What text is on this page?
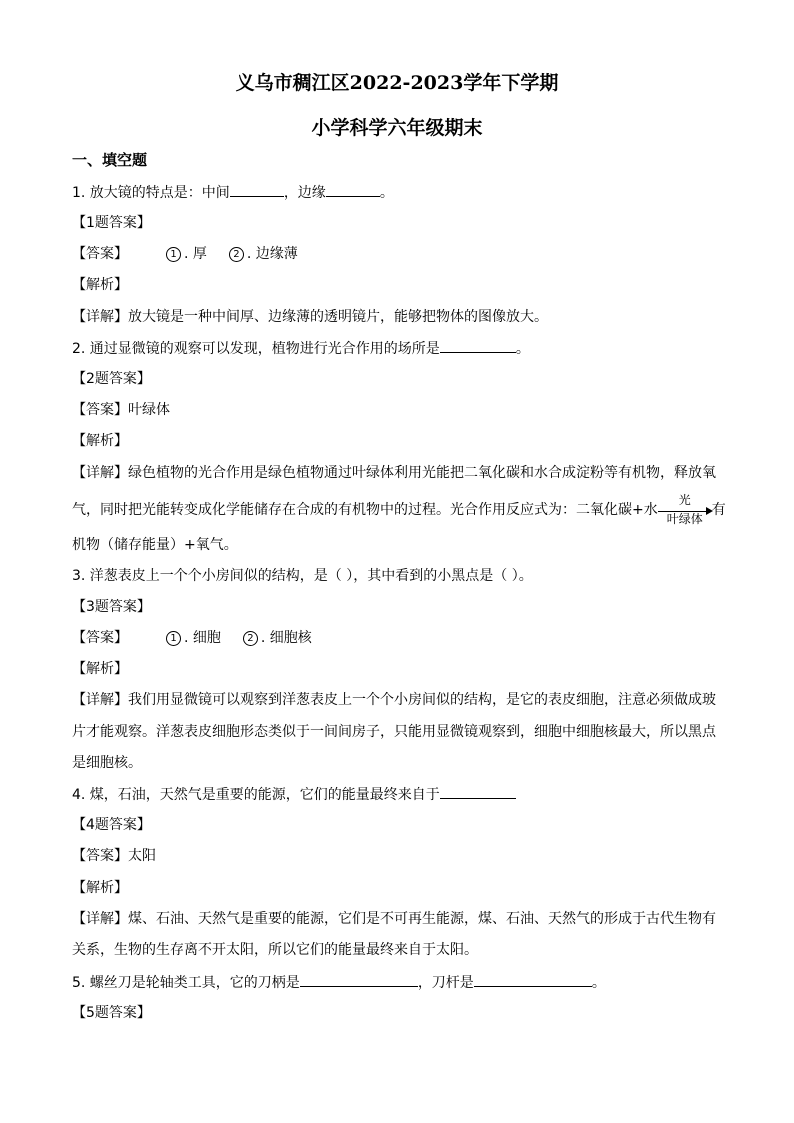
义乌市稠江区2022-2023学年下学期
小学科学六年级期末
一、填空题
1. 放大镜的特点是：中间	，边缘	。
【1题答案】
【答案】	1 . 厚	2 . 边缘薄
【解析】
【详解】放大镜是一种中间厚、边缘薄的透明镜片，能够把物体的图像放大。
2. 通过显微镜的观察可以发现，植物进行光合作用的场所是	。
【2题答案】
【答案】叶绿体
【解析】
【详解】绿色植物的光合作用是绿色植物通过叶绿体利用光能把二氧化碳和水合成淀粉等有机物，释放氧
气，同时把光能转变成化学能储存在合成的有机物中的过程。光合作用反应式为：二氧化碳+水
光
叶绿体
有
机物（储存能量）+氧气。
3. 洋葱表皮上一个个小房间似的结构，是（ ），其中看到的小黑点是（ ）。
【3题答案】
【答案】	1 . 细胞	2 . 细胞核
【解析】
【详解】我们用显微镜可以观察到洋葱表皮上一个个小房间似的结构，是它的表皮细胞，注意必须做成玻
片才能观察。洋葱表皮细胞形态类似于一间间房子，只能用显微镜观察到，细胞中细胞核最大，所以黑点
是细胞核。
4. 煤，石油，天然气是重要的能源，它们的能量最终来自于
【4题答案】
【答案】太阳
【解析】
【详解】煤、石油、天然气是重要的能源，它们是不可再生能源，煤、石油、天然气的形成于古代生物有
关系，生物的生存离不开太阳，所以它们的能量最终来自于太阳。
5. 螺丝刀是轮轴类工具，它的刀柄是	，刀杆是	。
【5题答案】
